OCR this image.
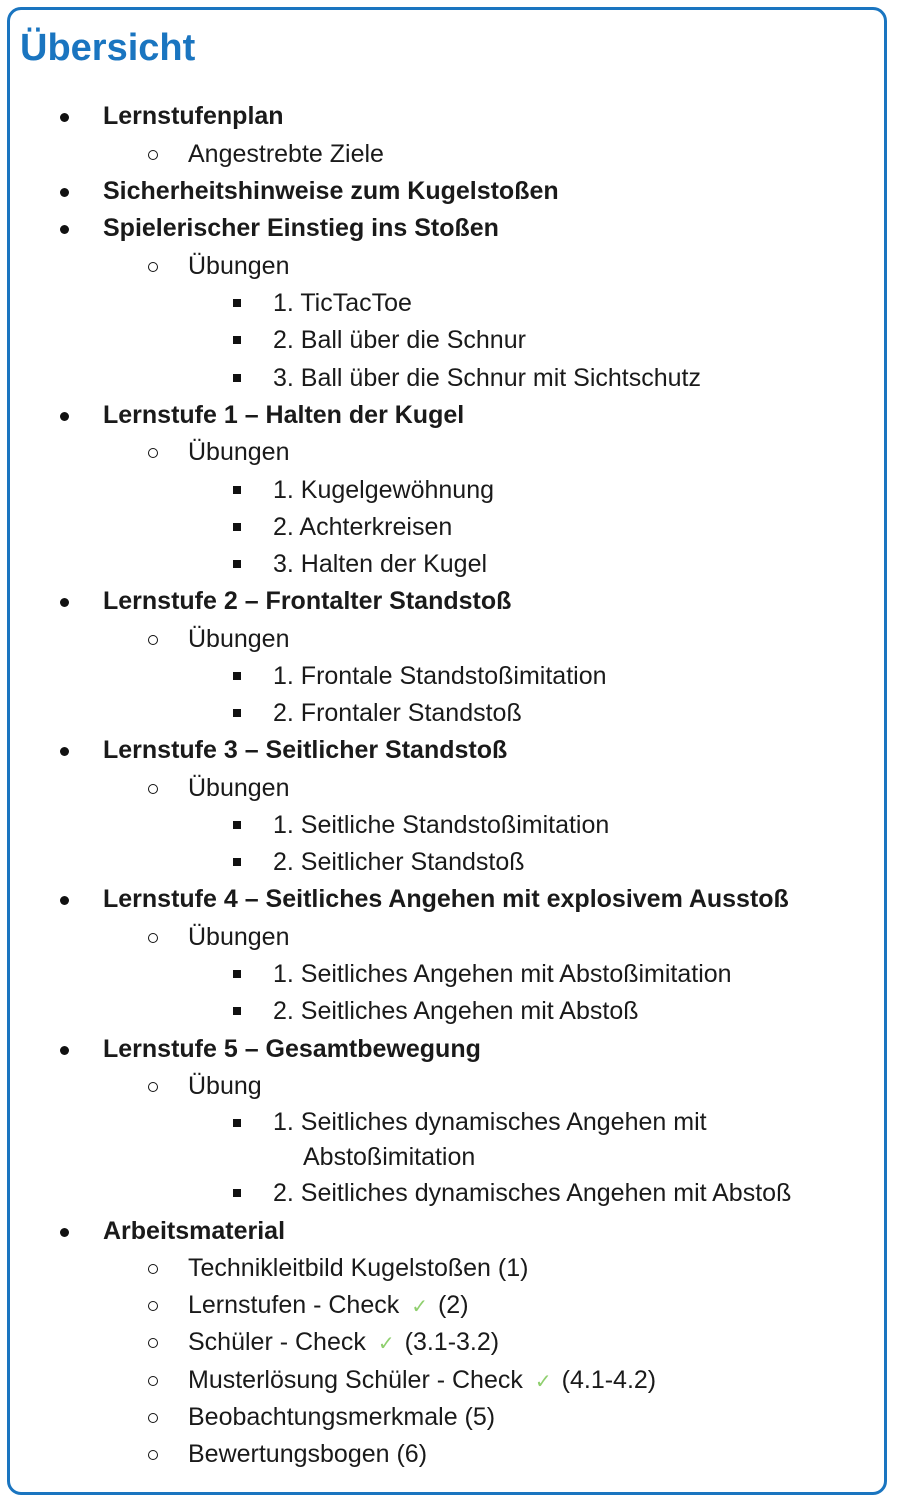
Übersicht
Lernstufenplan
Angestrebte Ziele
Sicherheitshinweise zum Kugelstoßen
Spielerischer Einstieg ins Stoßen
Übungen
1. TicTacToe
2. Ball über die Schnur
3. Ball über die Schnur mit Sichtschutz
Lernstufe 1 – Halten der Kugel
Übungen
1. Kugelgewöhnung
2. Achterkreisen
3. Halten der Kugel
Lernstufe 2 – Frontalter Standstoß
Übungen
1. Frontale Standstoßimitation
2. Frontaler Standstoß
Lernstufe 3 – Seitlicher Standstoß
Übungen
1. Seitliche Standstoßimitation
2. Seitlicher Standstoß
Lernstufe 4 – Seitliches Angehen mit explosivem Ausstoß
Übungen
1. Seitliches Angehen mit Abstoßimitation
2. Seitliches Angehen mit Abstoß
Lernstufe 5 – Gesamtbewegung
Übung
1. Seitliches dynamisches Angehen mit
Abstoßimitation
2. Seitliches dynamisches Angehen mit Abstoß
Arbeitsmaterial
Technikleitbild Kugelstoßen (1)
Lernstufen - Check ✓ (2)
Schüler - Check ✓ (3.1-3.2)
Musterlösung Schüler - Check ✓ (4.1-4.2)
Beobachtungsmerkmale (5)
Bewertungsbogen (6)
